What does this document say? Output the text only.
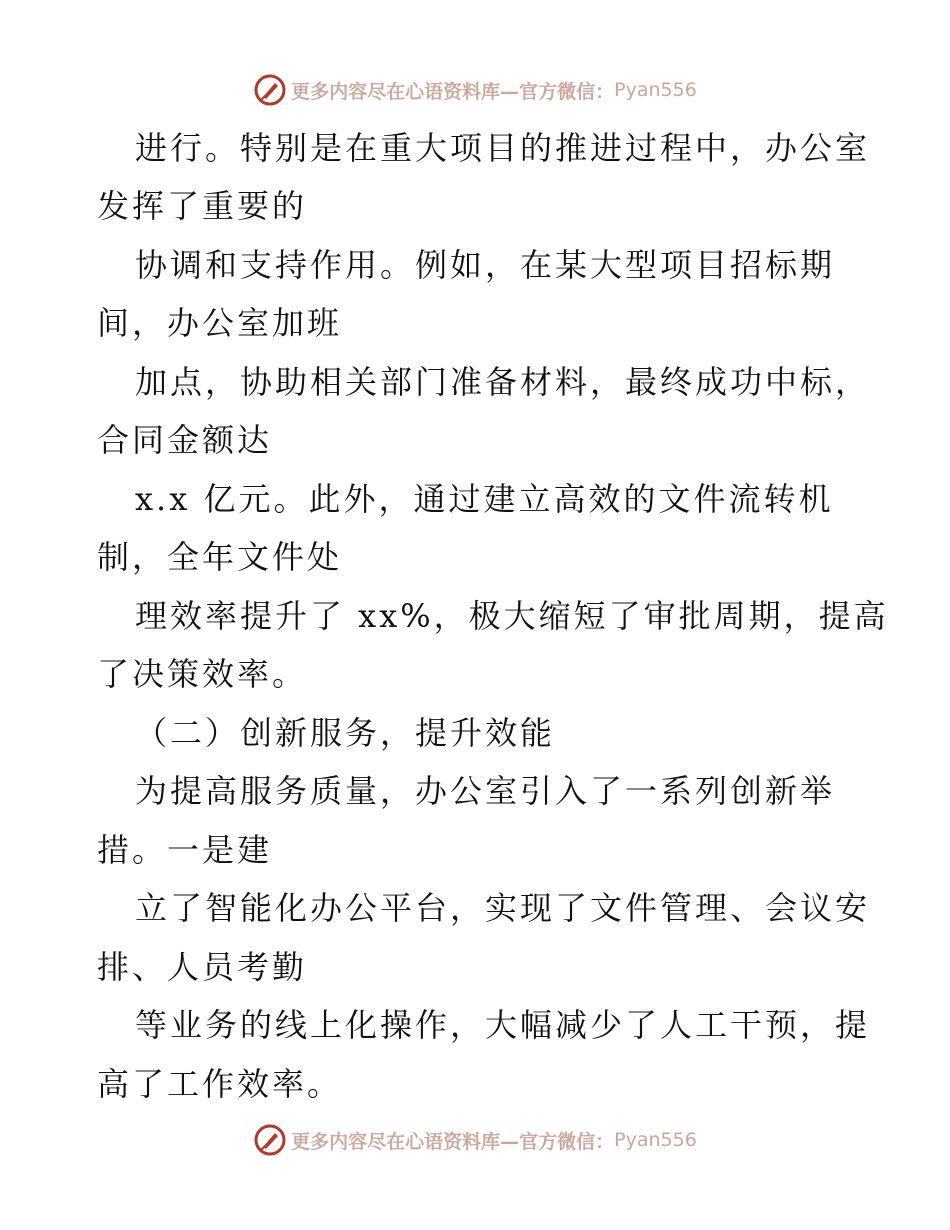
更多内容尽在心语资料库—官方微信： Pyan556
进行。特别是在重大项目的推进过程中，办公室
发挥了重要的
协调和支持作用。例如，在某大型项目招标期
间，办公室加班
加点，协助相关部门准备材料，最终成功中标，
合同金额达
x.x 亿元。此外，通过建立高效的文件流转机
制，全年文件处
理效率提升了 xx%，极大缩短了审批周期，提高
了决策效率。
（二）创新服务，提升效能
为提高服务质量，办公室引入了一系列创新举
措。一是建
立了智能化办公平台，实现了文件管理、会议安
排、人员考勤
等业务的线上化操作，大幅减少了人工干预，提
高了工作效率。
更多内容尽在心语资料库—官方微信： Pyan556
